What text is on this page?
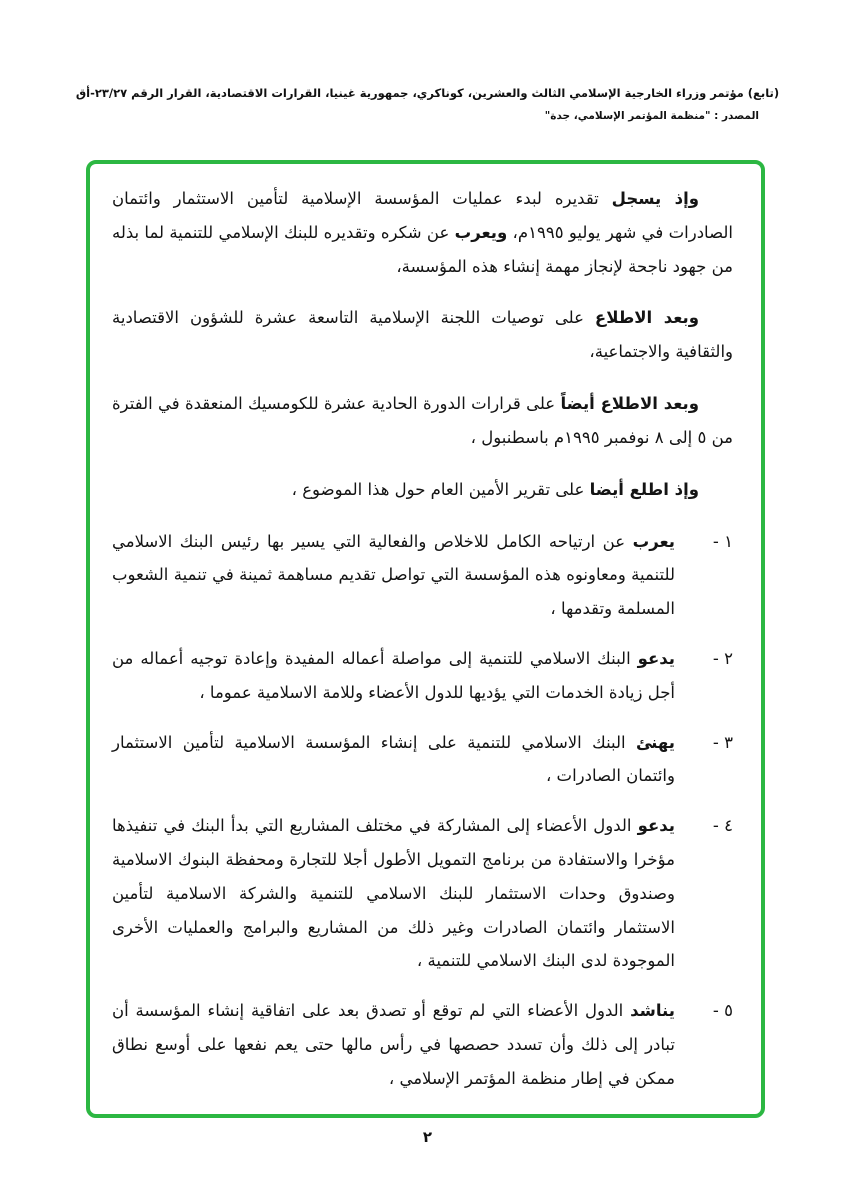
(تابع) مؤتمر وزراء الخارجية الإسلامي الثالث والعشرين، كوناكري، جمهورية غينيا، القرارات الاقتصادية، القرار الرقم ٢٣/٢٧-أق
المصدر : "منظمة المؤتمر الإسلامي، جدة"

وإذ يسجل تقديره لبدء عمليات المؤسسة الإسلامية لتأمين الاستثمار وائتمان الصادرات في شهر يوليو ١٩٩٥م، ويعرب عن شكره وتقديره للبنك الإسلامي للتنمية لما بذله من جهود ناجحة لإنجاز مهمة إنشاء هذه المؤسسة،

وبعد الاطلاع على توصيات اللجنة الإسلامية التاسعة عشرة للشؤون الاقتصادية والثقافية والاجتماعية،

وبعد الاطلاع أيضاً على قرارات الدورة الحادية عشرة للكومسيك المنعقدة في الفترة من ٥ إلى ٨ نوفمبر ١٩٩٥م باسطنبول ،

وإذ اطلع أيضا على تقرير الأمين العام حول هذا الموضوع ،

١ -

يعرب عن ارتياحه الكامل للاخلاص والفعالية التي يسير بها رئيس البنك الاسلامي للتنمية ومعاونوه هذه المؤسسة التي تواصل تقديم مساهمة ثمينة في تنمية الشعوب المسلمة وتقدمها ،

٢ -

يدعو البنك الاسلامي للتنمية إلى مواصلة أعماله المفيدة وإعادة توجيه أعماله من أجل زيادة الخدمات التي يؤديها للدول الأعضاء وللامة الاسلامية عموما ،

٣ -

يهنئ البنك الاسلامي للتنمية على إنشاء المؤسسة الاسلامية لتأمين الاستثمار وائتمان الصادرات ،

٤ -

يدعو الدول الأعضاء إلى المشاركة في مختلف المشاريع التي بدأ البنك في تنفيذها مؤخرا والاستفادة من برنامج التمويل الأطول أجلا للتجارة ومحفظة البنوك الاسلامية وصندوق وحدات الاستثمار للبنك الاسلامي للتنمية والشركة الاسلامية لتأمين الاستثمار وائتمان الصادرات وغير ذلك من المشاريع والبرامج والعمليات الأخرى الموجودة لدى البنك الاسلامي للتنمية ،

٥ -

يناشد الدول الأعضاء التي لم توقع أو تصدق بعد على اتفاقية إنشاء المؤسسة أن تبادر إلى ذلك وأن تسدد حصصها في رأس مالها حتى يعم نفعها على أوسع نطاق ممكن في إطار منظمة المؤتمر الإسلامي ،

٢
